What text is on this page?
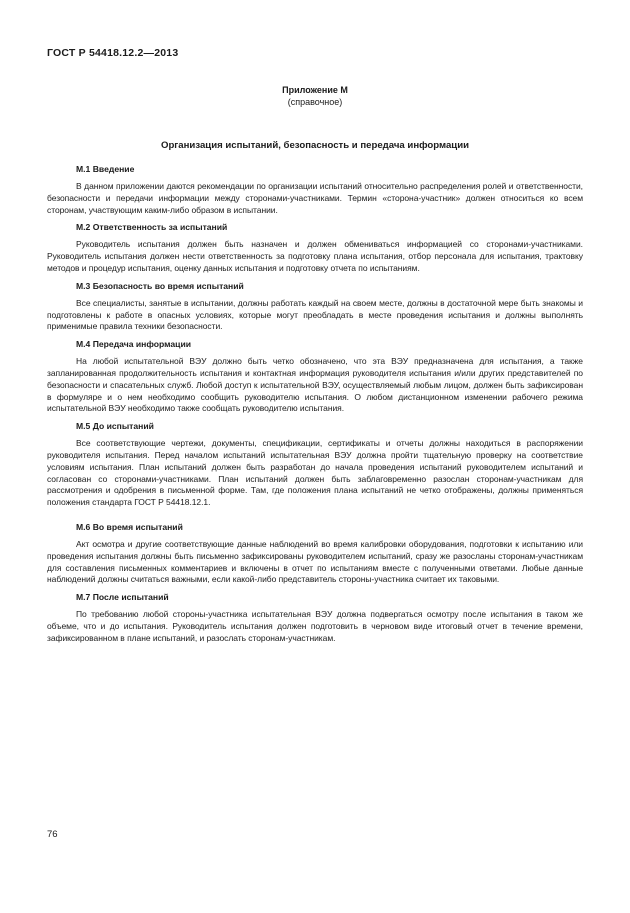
ГОСТ Р 54418.12.2—2013
Приложение М
(справочное)
Организация испытаний, безопасность и передача информации
М.1 Введение
В данном приложении даются рекомендации по организации испытаний относительно распределения ролей и ответственности, безопасности и передачи информации между сторонами-участниками. Термин «сторона-участник» должен относиться ко всем сторонам, участвующим каким-либо образом в испытании.
М.2 Ответственность за испытаний
Руководитель испытания должен быть назначен и должен обмениваться информацией со сторонами-участниками. Руководитель испытания должен нести ответственность за подготовку плана испытания, отбор персонала для испытания, трактовку методов и процедур испытания, оценку данных испытания и подготовку отчета по испытаниям.
М.3 Безопасность во время испытаний
Все специалисты, занятые в испытании, должны работать каждый на своем месте, должны в достаточной мере быть знакомы и подготовлены к работе в опасных условиях, которые могут преобладать в месте проведения испытания и должны выполнять применимые правила техники безопасности.
М.4 Передача информации
На любой испытательной ВЭУ должно быть четко обозначено, что эта ВЭУ предназначена для испытания, а также запланированная продолжительность испытания и контактная информация руководителя испытания и/или других представителей по безопасности и спасательных служб. Любой доступ к испытательной ВЭУ, осуществляемый любым лицом, должен быть зафиксирован в формуляре и о нем необходимо сообщить руководителю испытания. О любом дистанционном изменении рабочего режима испытательной ВЭУ необходимо также сообщать руководителю испытания.
М.5 До испытаний
Все соответствующие чертежи, документы, спецификации, сертификаты и отчеты должны находиться в распоряжении руководителя испытания. Перед началом испытаний испытательная ВЭУ должна пройти тщательную проверку на соответствие условиям испытания. План испытаний должен быть разработан до начала проведения испытаний руководителем испытаний и согласован со сторонами-участниками. План испытаний должен быть заблаговременно разослан сторонам-участникам для рассмотрения и одобрения в письменной форме. Там, где положения плана испытаний не четко отображены, должны применяться положения стандарта ГОСТ Р 54418.12.1.
М.6 Во время испытаний
Акт осмотра и другие соответствующие данные наблюдений во время калибровки оборудования, подготовки к испытанию или проведения испытания должны быть письменно зафиксированы руководителем испытаний, сразу же разосланы сторонам-участникам для составления письменных комментариев и включены в отчет по испытаниям вместе с полученными ответами. Любые данные наблюдений должны считаться важными, если какой-либо представитель стороны-участника считает их таковыми.
М.7 После испытаний
По требованию любой стороны-участника испытательная ВЭУ должна подвергаться осмотру после испытания в таком же объеме, что и до испытания. Руководитель испытания должен подготовить в черновом виде итоговый отчет в течение времени, зафиксированном в плане испытаний, и разослать сторонам-участникам.
76
